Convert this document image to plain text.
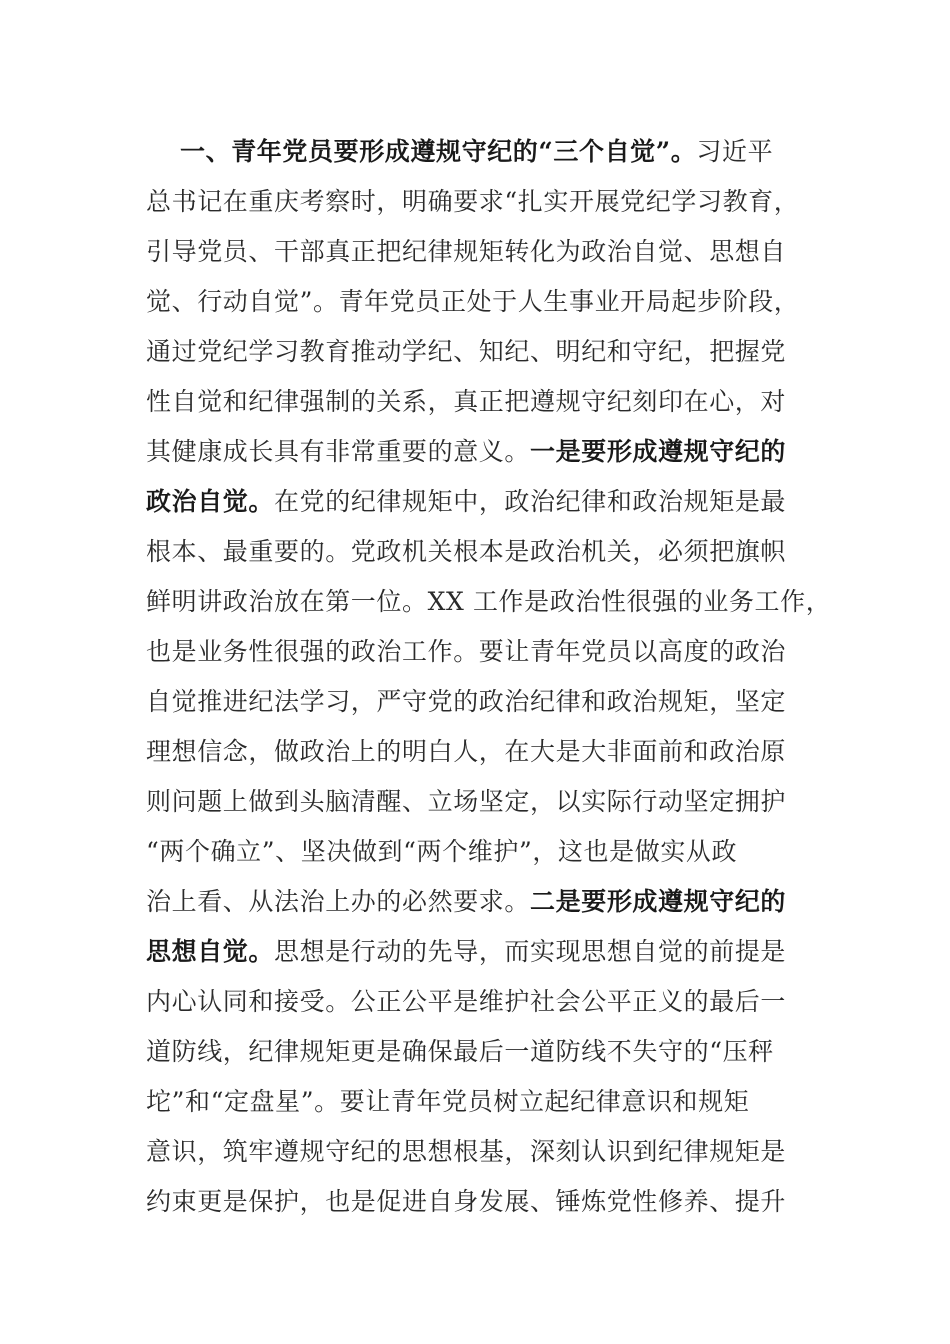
一、青年党员要形成遵规守纪的“三个自觉”。习近平
总书记在重庆考察时，明确要求“扎实开展党纪学习教育，
引导党员、干部真正把纪律规矩转化为政治自觉、思想自
觉、行动自觉”。青年党员正处于人生事业开局起步阶段，
通过党纪学习教育推动学纪、知纪、明纪和守纪，把握党
性自觉和纪律强制的关系，真正把遵规守纪刻印在心，对
其健康成长具有非常重要的意义。一是要形成遵规守纪的
政治自觉。在党的纪律规矩中，政治纪律和政治规矩是最
根本、最重要的。党政机关根本是政治机关，必须把旗帜
鲜明讲政治放在第一位。XX 工作是政治性很强的业务工作，
也是业务性很强的政治工作。要让青年党员以高度的政治
自觉推进纪法学习，严守党的政治纪律和政治规矩，坚定
理想信念，做政治上的明白人，在大是大非面前和政治原
则问题上做到头脑清醒、立场坚定，以实际行动坚定拥护
“两个确立”、坚决做到“两个维护”，这也是做实从政
治上看、从法治上办的必然要求。二是要形成遵规守纪的
思想自觉。思想是行动的先导，而实现思想自觉的前提是
内心认同和接受。公正公平是维护社会公平正义的最后一
道防线，纪律规矩更是确保最后一道防线不失守的“压秤
坨”和“定盘星”。要让青年党员树立起纪律意识和规矩
意识，筑牢遵规守纪的思想根基，深刻认识到纪律规矩是
约束更是保护，也是促进自身发展、锤炼党性修养、提升
